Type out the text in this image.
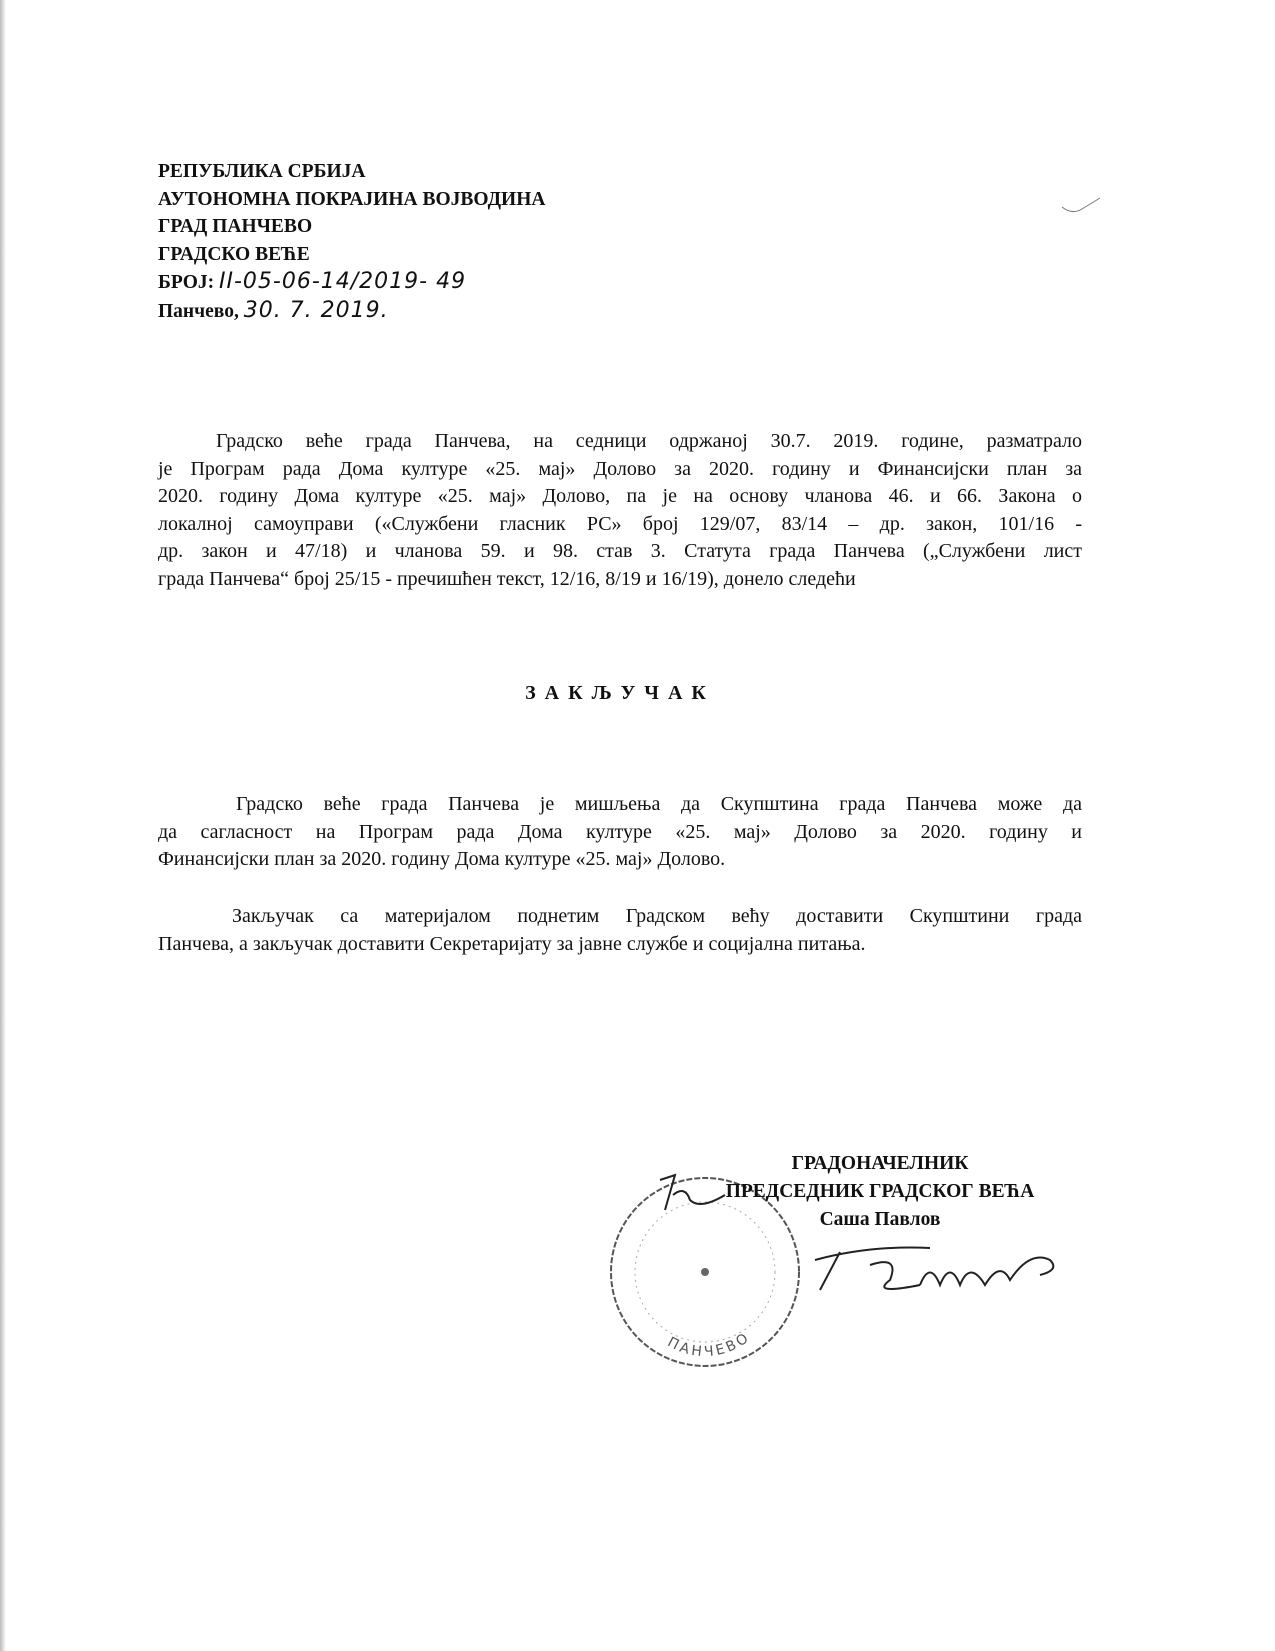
РЕПУБЛИКА СРБИЈА
АУТОНОМНА ПОКРАЈИНА ВОЈВОДИНА
ГРАД ПАНЧЕВО
ГРАДСКО ВЕЋЕ
БРОЈ: II-05-06-14/2019- 49
Панчево, 30. 7. 2019.
Градско веће града Панчева, на седници одржаној 30.7. 2019. године, разматрало
је Програм рада Дома културе «25. мај» Долово за 2020. годину и Финансијски план за
2020. годину Дома културе «25. мај» Долово, па је на основу чланова 46. и 66. Закона о
локалној самоуправи («Службени гласник РС» број 129/07, 83/14 – др. закон, 101/16 -
др. закон и 47/18) и чланова 59. и 98. став 3. Статута града Панчева („Службени лист
града Панчева“ број 25/15 - пречишћен текст, 12/16, 8/19 и 16/19), донело следећи
ЗАКЉУЧАК
Градско веће града Панчева је мишљења да Скупштина града Панчева може да
да сагласност на Програм рада Дома културе «25. мај» Долово за 2020. годину и
Финансијски план за 2020. годину Дома културе «25. мај» Долово.
Закључак са материјалом поднетим Градском већу доставити Скупштини града
Панчева, а закључак доставити Секретаријату за јавне службе и социјална питања.
ПАНЧЕВО
ГРАДОНАЧЕЛНИК
ПРЕДСЕДНИК ГРАДСКОГ ВЕЋА
Саша Павлов
